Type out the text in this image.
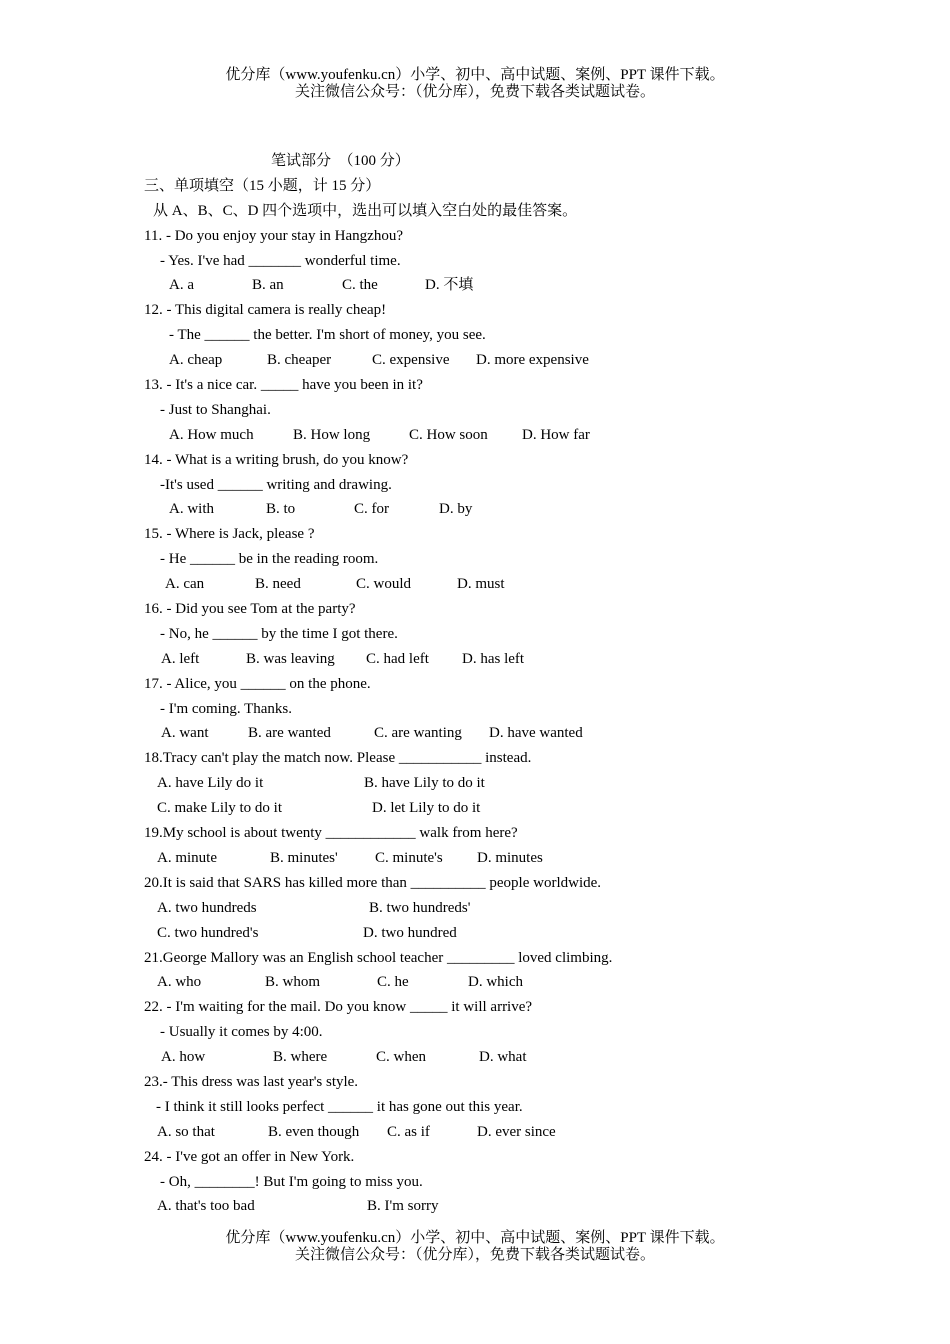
优分库（www.youfenku.cn）小学、初中、高中试题、案例、PPT 课件下载。
关注微信公众号：（优分库），免费下载各类试题试卷。
笔试部分　（100 分）
三、单项填空（15 小题，计 15 分）
从 A、B、C、D 四个选项中，选出可以填入空白处的最佳答案。
11. - Do you enjoy your stay in Hangzhou?
- Yes. I've had _______ wonderful time.
A. a	B. an	C. the	D. 不填
12. - This digital camera is really cheap!
- The ______ the better. I'm short of money, you see.
A. cheap	B. cheaper	C. expensive D. more expensive
13. - It's a nice car. _____ have you been in it?
- Just to Shanghai.
A. How much	B. How long	C. How soon D. How far
14. - What is a writing brush, do you know?
-It's used ______ writing and drawing.
A. with	B. to	C. for	D. by
15. - Where is Jack, please ?
- He ______ be in the reading room.
A. can	B. need	C. would	D. must
16. - Did you see Tom at the party?
- No, he ______ by the time I got there.
A. left	B. was leaving C. had left D. has left
17. - Alice, you ______ on the phone.
- I'm coming. Thanks.
A. want	B. are wanted	C. are wanting D. have wanted
18.Tracy can't play the match now. Please ___________ instead.
A. have Lily do it	B. have Lily to do it
C. make Lily to do it	D. let Lily to do it
19.My school is about twenty ____________ walk from here?
A. minute	B. minutes' C. minute's D. minutes
20.It is said that SARS has killed more than __________ people worldwide.
A. two hundreds	B. two hundreds'
C. two hundred's	D. two hundred
21.George Mallory was an English school teacher _________ loved climbing.
A. who	B. whom	C. he	D. which
22. - I'm waiting for the mail. Do you know _____ it will arrive?
- Usually it comes by 4:00.
A. how	B. where	C. when	D. what
23.- This dress was last year's style.
- I think it still looks perfect ______ it has gone out this year.
A. so that	B. even though C. as if	D. ever since
24. - I've got an offer in New York.
- Oh, ________! But I'm going to miss you.
A. that's too bad	B. I'm sorry
优分库（www.youfenku.cn）小学、初中、高中试题、案例、PPT 课件下载。
关注微信公众号：（优分库），免费下载各类试题试卷。
